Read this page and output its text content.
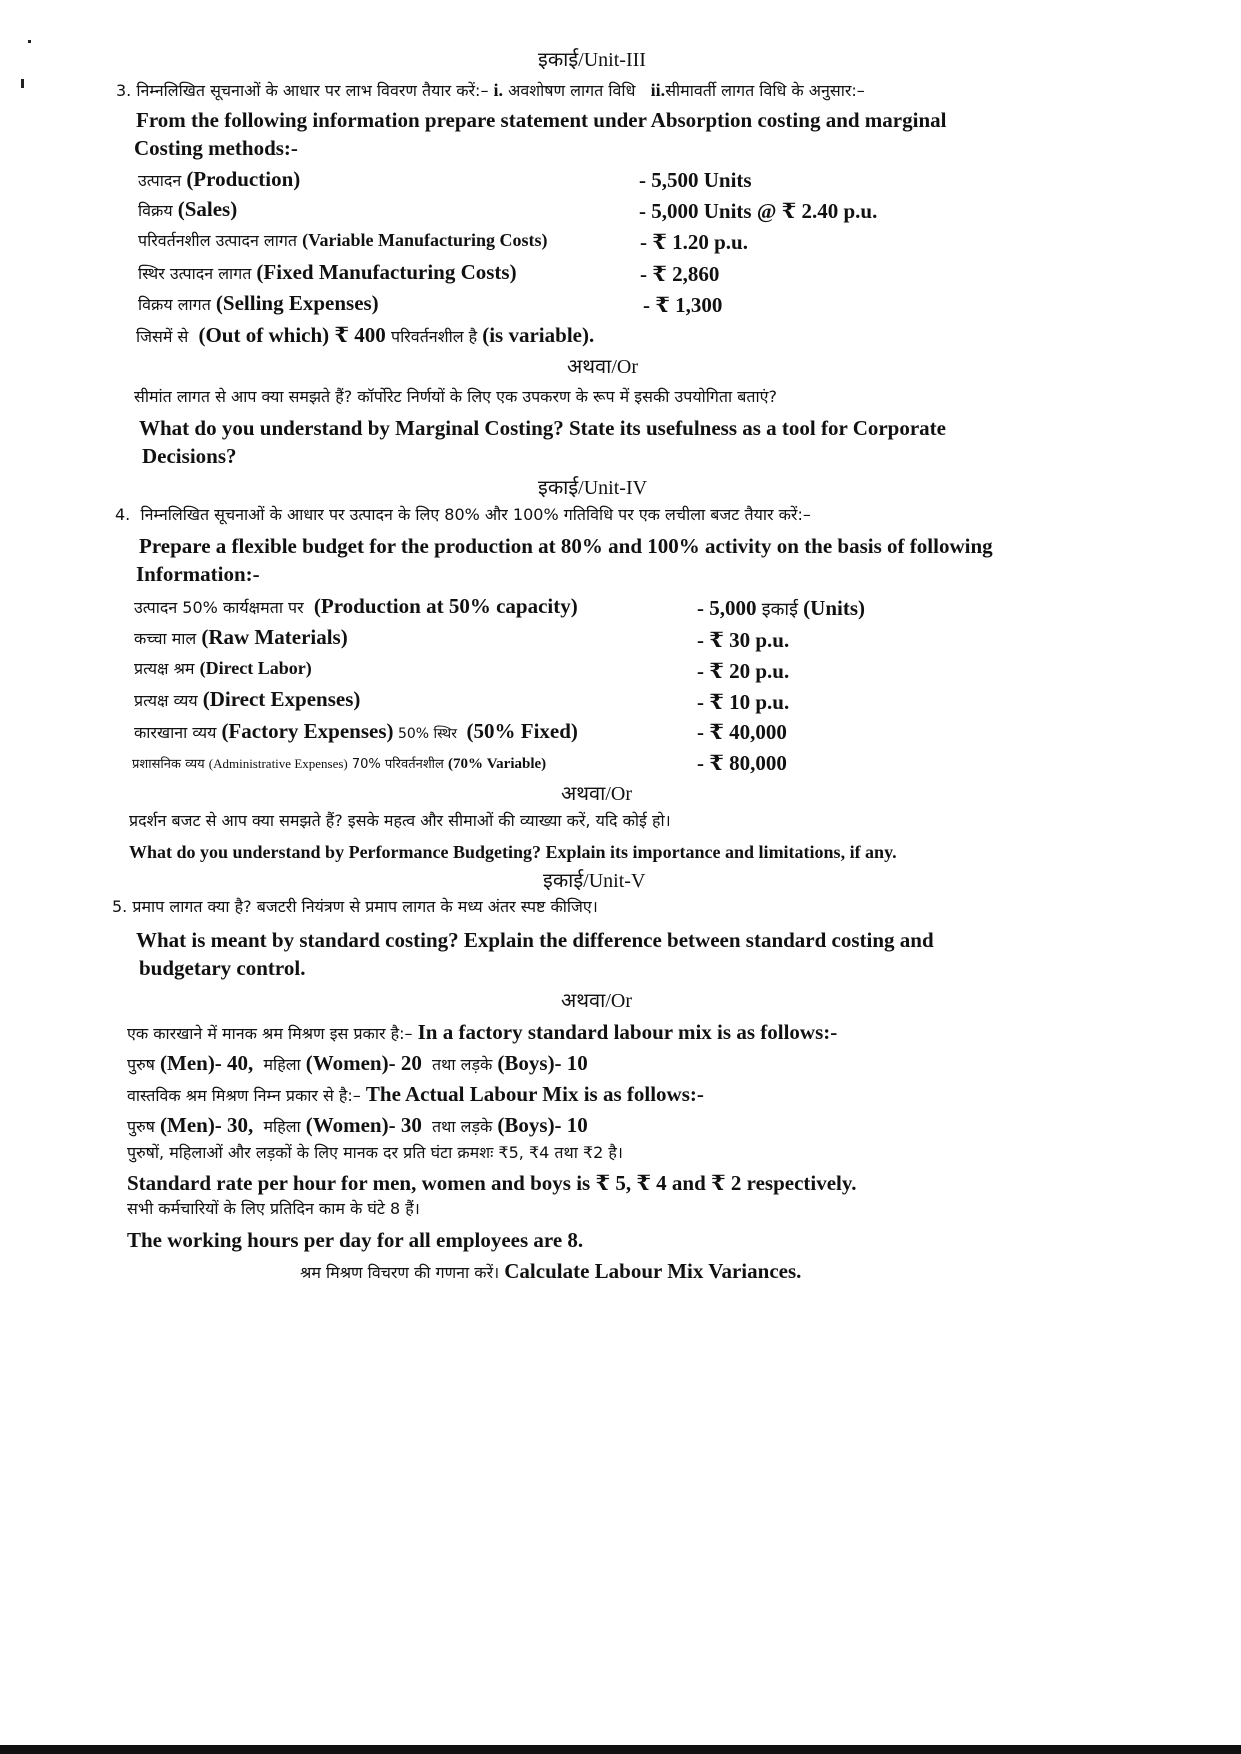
इकाई/Unit-III
3. निम्नलिखित सूचनाओं के आधार पर लाभ विवरण तैयार करें:– i. अवशोषण लागत विधि   ii.सीमावर्ती लागत विधि के अनुसार:–
From the following information prepare statement under Absorption costing and marginal
Costing methods:-
उत्पादन (Production)	- 5,500 Units
विक्रय (Sales)	- 5,000 Units @ ₹ 2.40 p.u.
परिवर्तनशील उत्पादन लागत (Variable Manufacturing Costs)	- ₹ 1.20 p.u.
स्थिर उत्पादन लागत (Fixed Manufacturing Costs)	- ₹ 2,860
विक्रय लागत (Selling Expenses)	- ₹ 1,300
जिसमें से  (Out of which) ₹ 400 परिवर्तनशील है (is variable).
अथवा/Or
सीमांत लागत से आप क्या समझते हैं? कॉर्पोरेट निर्णयों के लिए एक उपकरण के रूप में इसकी उपयोगिता बताएं?
What do you understand by Marginal Costing? State its usefulness as a tool for Corporate
Decisions?
इकाई/Unit-IV
4. निम्नलिखित सूचनाओं के आधार पर उत्पादन के लिए 80% और 100% गतिविधि पर एक लचीला बजट तैयार करें:–
Prepare a flexible budget for the production at 80% and 100% activity on the basis of following
Information:-
उत्पादन 50% कार्यक्षमता पर  (Production at 50% capacity)	- 5,000 इकाई (Units)
कच्चा माल (Raw Materials)	- ₹ 30 p.u.
प्रत्यक्ष श्रम (Direct Labor)	- ₹ 20 p.u.
प्रत्यक्ष व्यय (Direct Expenses)	- ₹ 10 p.u.
कारखाना व्यय (Factory Expenses) 50% स्थिर  (50% Fixed)	- ₹ 40,000
प्रशासनिक व्यय (Administrative Expenses) 70% परिवर्तनशील (70% Variable)	- ₹ 80,000
अथवा/Or
प्रदर्शन बजट से आप क्या समझते हैं? इसके महत्व और सीमाओं की व्याख्या करें, यदि कोई हो।
What do you understand by Performance Budgeting? Explain its importance and limitations, if any.
इकाई/Unit-V
5. प्रमाप लागत क्या है? बजटरी नियंत्रण से प्रमाप लागत के मध्य अंतर स्पष्ट कीजिए।
What is meant by standard costing? Explain the difference between standard costing and
budgetary control.
अथवा/Or
एक कारखाने में मानक श्रम मिश्रण इस प्रकार है:– In a factory standard labour mix is as follows:-
पुरुष (Men)- 40, महिला (Women)- 20 तथा लड़के (Boys)- 10
वास्तविक श्रम मिश्रण निम्न प्रकार से है:– The Actual Labour Mix is as follows:-
पुरुष (Men)- 30, महिला (Women)- 30 तथा लड़के (Boys)- 10
पुरुषों, महिलाओं और लड़कों के लिए मानक दर प्रति घंटा क्रमशः ₹5, ₹4 तथा ₹2 है।
Standard rate per hour for men, women and boys is ₹ 5, ₹ 4 and ₹ 2 respectively.
सभी कर्मचारियों के लिए प्रतिदिन काम के घंटे 8 हैं।
The working hours per day for all employees are 8.
श्रम मिश्रण विचरण की गणना करें। Calculate Labour Mix Variances.
